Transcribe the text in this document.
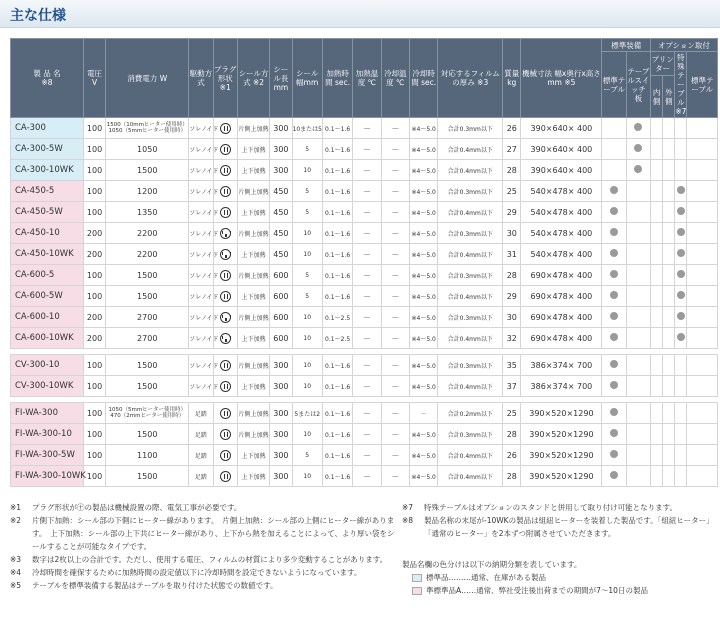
主な仕様
製 品 名
※8	電圧 V	消費電力 W	駆動方式	プラグ形状 ※1	シール方式 ※2	シール長 mm	シール幅mm	加熱時間 sec.	加熱温度 ℃	冷却温度 ℃	冷却時間 sec.	対応するフィルムの厚み ※3	質量 kg	機械寸法 幅x奥行x高さ mm ※5	標準装備		オプション取付			
															標準テーブル	テーブルスイッチ 板	プリンター		特殊テーブル※7	標準テーブル
																	内側	外側		
CA-300	100	1500（10mmヒーター使用時） 1050（5mmヒーター使用時）	ソレノイド		片側上加熱	300	10または5	0.1～1.6	－	－	※4～5.0	合計0.3mm以下	26	390×640× 400						
CA-300-5W	100	1050	ソレノイド		上下加熱	300	5	0.1～1.6	－	－	※4～5.0	合計0.4mm以下	27	390×640× 400						
CA-300-10WK	100	1500	ソレノイド		上下加熱	300	10	0.1～1.6	－	－	※4～5.0	合計0.4mm以下	28	390×640× 400						
CA-450-5	100	1200	ソレノイド		片側上加熱	450	5	0.1～1.6	－	－	※4～5.0	合計0.3mm以下	25	540×478× 400						
CA-450-5W	100	1350	ソレノイド		上下加熱	450	5	0.1～1.6	－	－	※4～5.0	合計0.4mm以下	29	540×478× 400						
CA-450-10	200	2200	ソレノイド		片側上加熱	450	10	0.1～1.6	－	－	※4～5.0	合計0.3mm以下	30	540×478× 400						
CA-450-10WK	200	2200	ソレノイド		上下加熱	450	10	0.1～1.6	－	－	※4～5.0	合計0.4mm以下	31	540×478× 400						
CA-600-5	100	1500	ソレノイド		片側上加熱	600	5	0.1～1.6	－	－	※4～5.0	合計0.3mm以下	28	690×478× 400						
CA-600-5W	100	1500	ソレノイド		上下加熱	600	5	0.1～1.6	－	－	※4～5.0	合計0.4mm以下	29	690×478× 400						
CA-600-10	200	2700	ソレノイド		片側上加熱	600	10	0.1～2.5	－	－	※4～5.0	合計0.3mm以下	30	690×478× 400						
CA-600-10WK	200	2700	ソレノイド		上下加熱	600	10	0.1～2.5	－	－	※4～5.0	合計0.4mm以下	32	690×478× 400						

CV-300-10	100	1500	ソレノイド		片側上加熱	300	10	0.1～1.6	－	－	※4～5.0	合計0.3mm以下	35	386×374× 700						
CV-300-10WK	100	1500	ソレノイド		上下加熱	300	10	0.1～1.6	－	－	※4～5.0	合計0.4mm以下	37	386×374× 700						

FI-WA-300	100	1050（5mmヒーター使用時） 470（2mmヒーター使用時）	足踏		片側上加熱	300	5または2	0.1～1.6	－	－	－	合計0.2mm以下	25	390×520×1290						
FI-WA-300-10	100	1500	足踏		片側上加熱	300	10	0.1～1.6	－	－	※4～5.0	合計0.3mm以下	28	390×520×1290						
FI-WA-300-5W	100	1100	足踏		上下加熱	300	5	0.1～1.6	－	－	※4～5.0	合計0.4mm以下	26	390×520×1290						
FI-WA-300-10WK	100	1500	足踏		上下加熱	300	10	0.1～1.6	－	－	※4～5.0	合計0.4mm以下	28	390×520×1290						
※1	プラグ形状が㊉の製品は機械設置の際、電気工事が必要です。
※2	片側下加熱：シール部の下側にヒーター線があります。　片側上加熱：シール部の上側にヒーター線があります。　上下加熱：シール部の上下共にヒーター線があり、上下から熱を加えることによって、より厚い袋をシールすることが可能なタイプです。
※3	数字は2枚以上の合計です。ただし、使用する電圧、フィルムの材質により多少変動することがあります。
※4	冷却時間を確保するために加熱時間の設定値以下に冷却時間を設定できないようになっています。
※5	テーブルを標準装備する製品はテーブルを取り付けた状態での数値です。
※7	特殊テーブルはオプションのスタンドと併用して取り付け可能となります。
※8	製品名称の末尾が-10WKの製品は組紐ヒーターを装着した製品です。「組紐ヒーター」「通常のヒーター」を2本ずつ附属させていただきます。
製品名欄の色分けは以下の納期分類を表しています。
標準品………通常、在庫がある製品
準標準品A……通常、弊社受注後出荷までの期間が7～10日の製品
